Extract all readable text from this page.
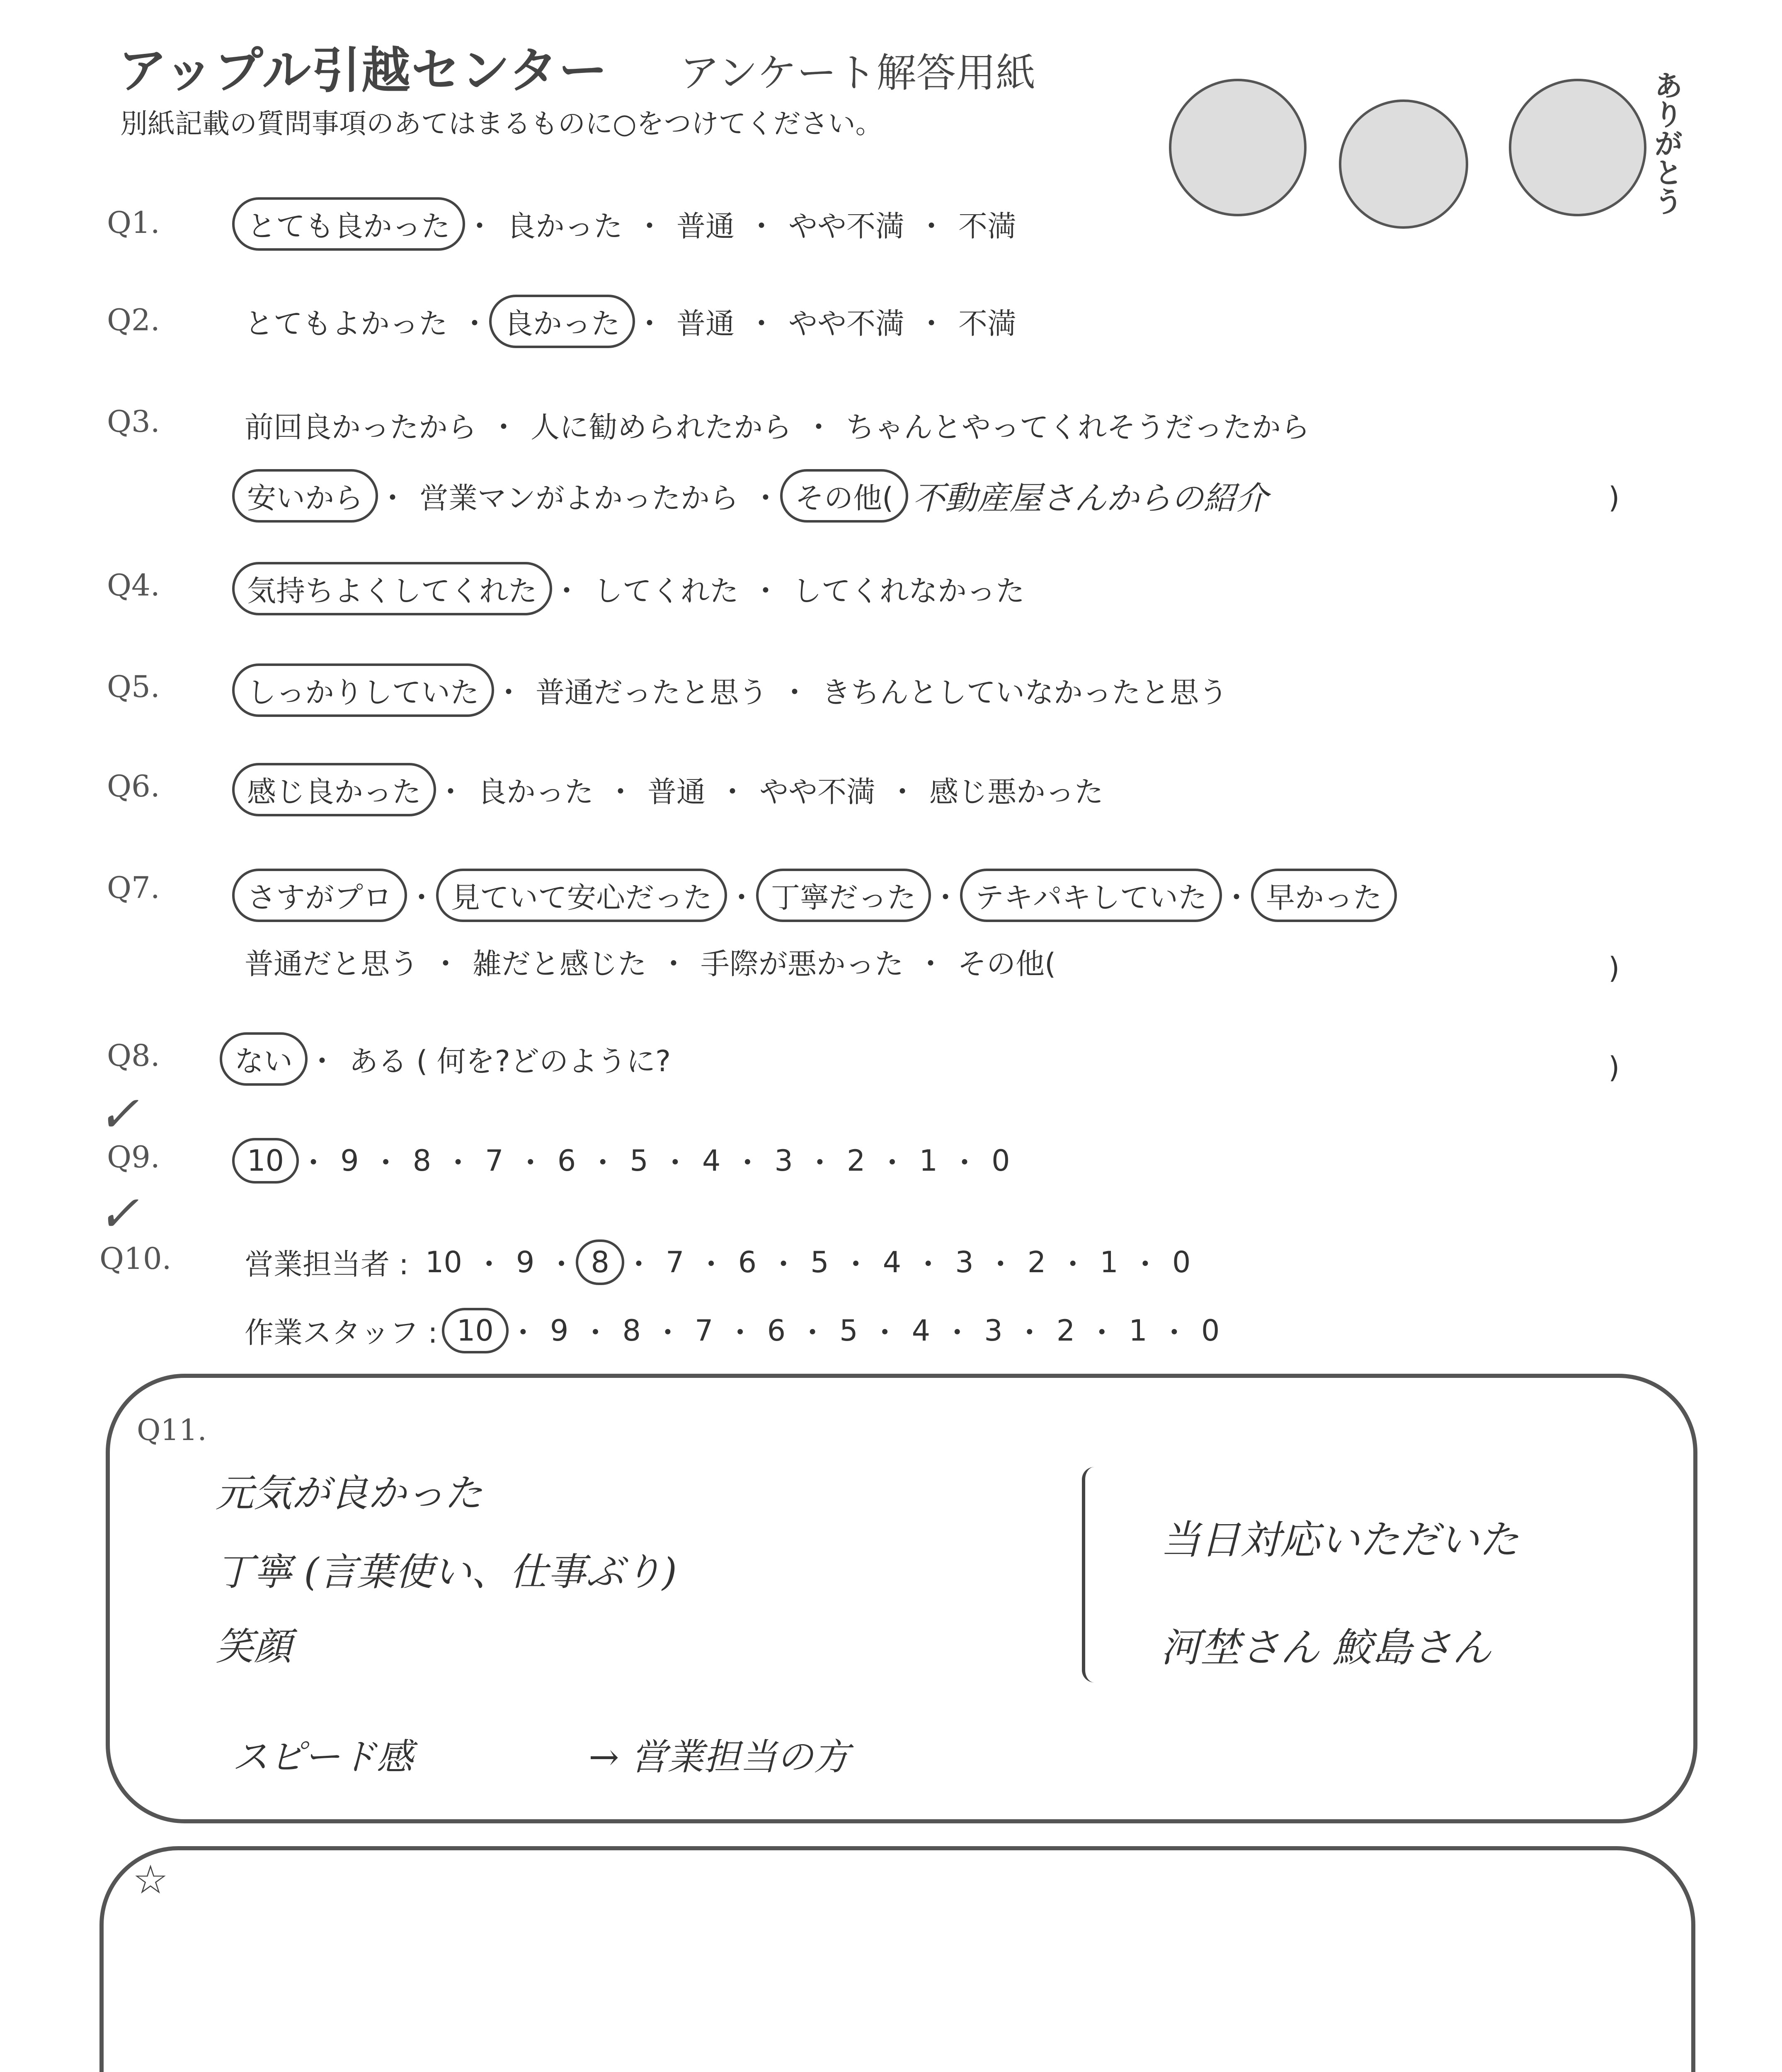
アップル引越センター アンケート解答用紙
別紙記載の質問事項のあてはまるものに○をつけてください。	ありがとう
Q1.	とても良かった ・ 良かった ・ 普通 ・ やや不満 ・ 不満
Q2.	とてもよかった ・ 良かった ・ 普通 ・ やや不満 ・ 不満
Q3.	前回良かったから ・ 人に勧められたから ・ ちゃんとやってくれそうだったから
安いから ・ 営業マンがよかったから ・ その他( 不動産屋さんからの紹介	)
Q4.	気持ちよくしてくれた ・ してくれた ・ してくれなかった
Q5.	しっかりしていた ・ 普通だったと思う ・ きちんとしていなかったと思う
Q6.	感じ良かった ・ 良かった ・ 普通 ・ やや不満 ・ 感じ悪かった
Q7.	さすがプロ ・ 見ていて安心だった ・ 丁寧だった ・ テキパキしていた ・ 早かった
普通だと思う ・ 雑だと感じた ・ 手際が悪かった ・ その他(	)
Q8.	ない ・ ある ( 何を?どのように?	)
Q9.
✓
10 ・ 9 ・ 8 ・ 7 ・ 6 ・ 5 ・ 4 ・ 3 ・ 2 ・ 1 ・ 0
Q10.
✓
営業担当者 : 10 ・ 9 ・ 8 ・ 7 ・ 6 ・ 5 ・ 4 ・ 3 ・ 2 ・ 1 ・ 0
作業スタッフ : 10 ・ 9 ・ 8 ・ 7 ・ 6 ・ 5 ・ 4 ・ 3 ・ 2 ・ 1 ・ 0
Q11.
元気が良かった
丁寧 (言葉使い、仕事ぶり)
笑顔
スピード感	→ 営業担当の方
当日対応いただいた
河埜さん 鮫島さん
☆
